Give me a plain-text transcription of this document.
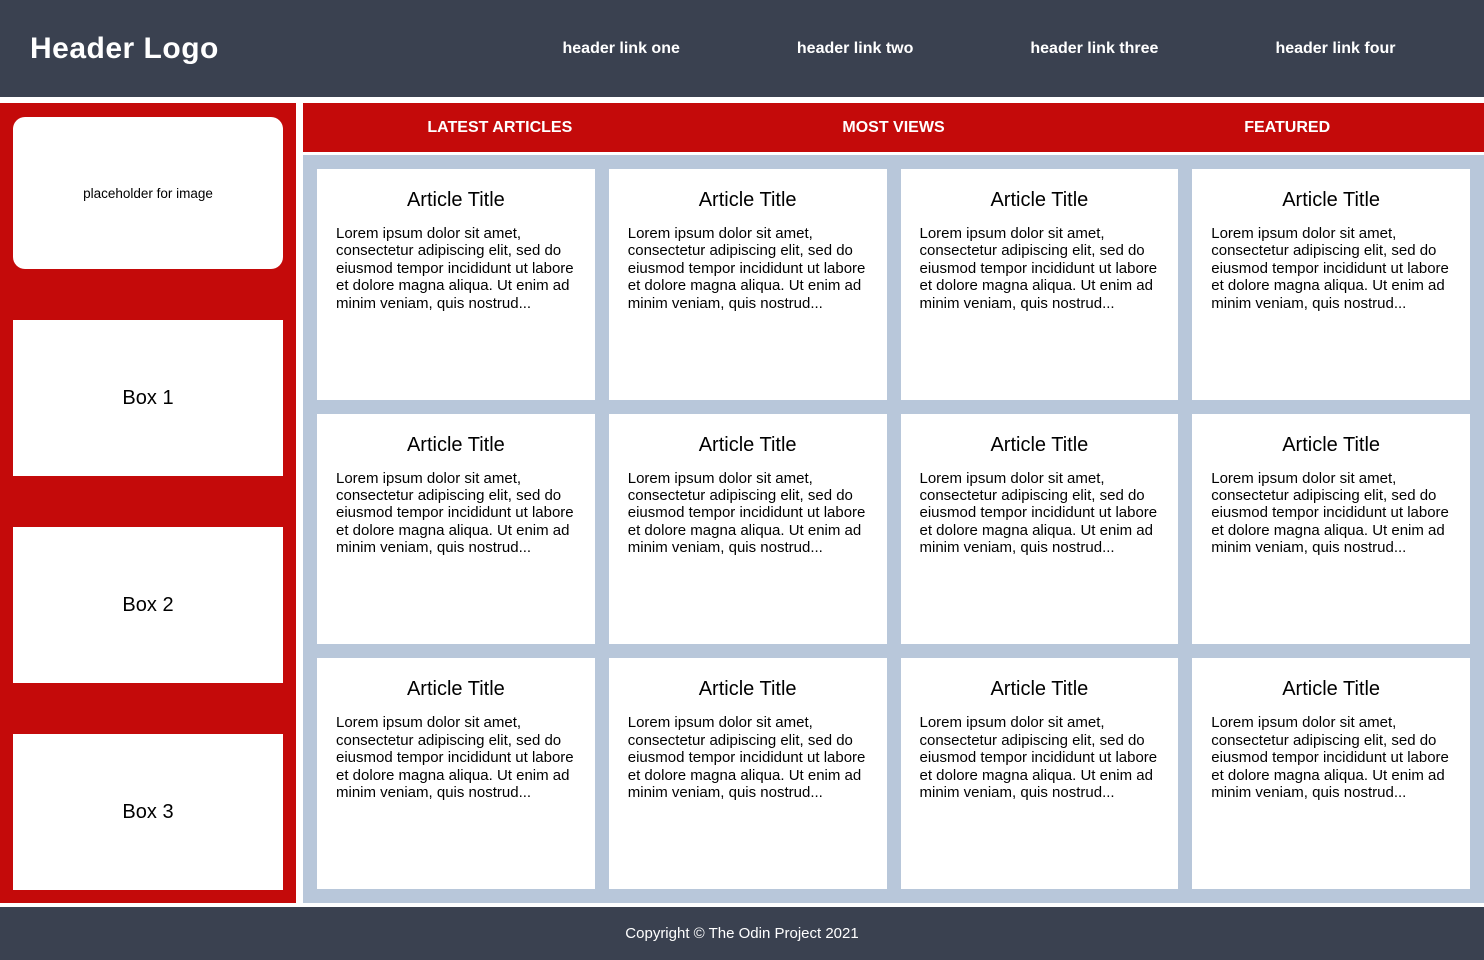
Header Logo	header link one	header link two	header link three	header link four
placeholder for image
Box 1
Box 2
Box 3
LATEST ARTICLES	MOST VIEWS	FEATURED
Article Title

Lorem ipsum dolor sit amet, consectetur adipiscing elit, sed do eiusmod tempor incididunt ut labore et dolore magna aliqua. Ut enim ad minim veniam, quis nostrud...

Article Title

Lorem ipsum dolor sit amet, consectetur adipiscing elit, sed do eiusmod tempor incididunt ut labore et dolore magna aliqua. Ut enim ad minim veniam, quis nostrud...

Article Title

Lorem ipsum dolor sit amet, consectetur adipiscing elit, sed do eiusmod tempor incididunt ut labore et dolore magna aliqua. Ut enim ad minim veniam, quis nostrud...

Article Title

Lorem ipsum dolor sit amet, consectetur adipiscing elit, sed do eiusmod tempor incididunt ut labore et dolore magna aliqua. Ut enim ad minim veniam, quis nostrud...

Article Title

Lorem ipsum dolor sit amet, consectetur adipiscing elit, sed do eiusmod tempor incididunt ut labore et dolore magna aliqua. Ut enim ad minim veniam, quis nostrud...

Article Title

Lorem ipsum dolor sit amet, consectetur adipiscing elit, sed do eiusmod tempor incididunt ut labore et dolore magna aliqua. Ut enim ad minim veniam, quis nostrud...

Article Title

Lorem ipsum dolor sit amet, consectetur adipiscing elit, sed do eiusmod tempor incididunt ut labore et dolore magna aliqua. Ut enim ad minim veniam, quis nostrud...

Article Title

Lorem ipsum dolor sit amet, consectetur adipiscing elit, sed do eiusmod tempor incididunt ut labore et dolore magna aliqua. Ut enim ad minim veniam, quis nostrud...

Article Title

Lorem ipsum dolor sit amet, consectetur adipiscing elit, sed do eiusmod tempor incididunt ut labore et dolore magna aliqua. Ut enim ad minim veniam, quis nostrud...

Article Title

Lorem ipsum dolor sit amet, consectetur adipiscing elit, sed do eiusmod tempor incididunt ut labore et dolore magna aliqua. Ut enim ad minim veniam, quis nostrud...

Article Title

Lorem ipsum dolor sit amet, consectetur adipiscing elit, sed do eiusmod tempor incididunt ut labore et dolore magna aliqua. Ut enim ad minim veniam, quis nostrud...

Article Title

Lorem ipsum dolor sit amet, consectetur adipiscing elit, sed do eiusmod tempor incididunt ut labore et dolore magna aliqua. Ut enim ad minim veniam, quis nostrud...

Copyright © The Odin Project 2021
